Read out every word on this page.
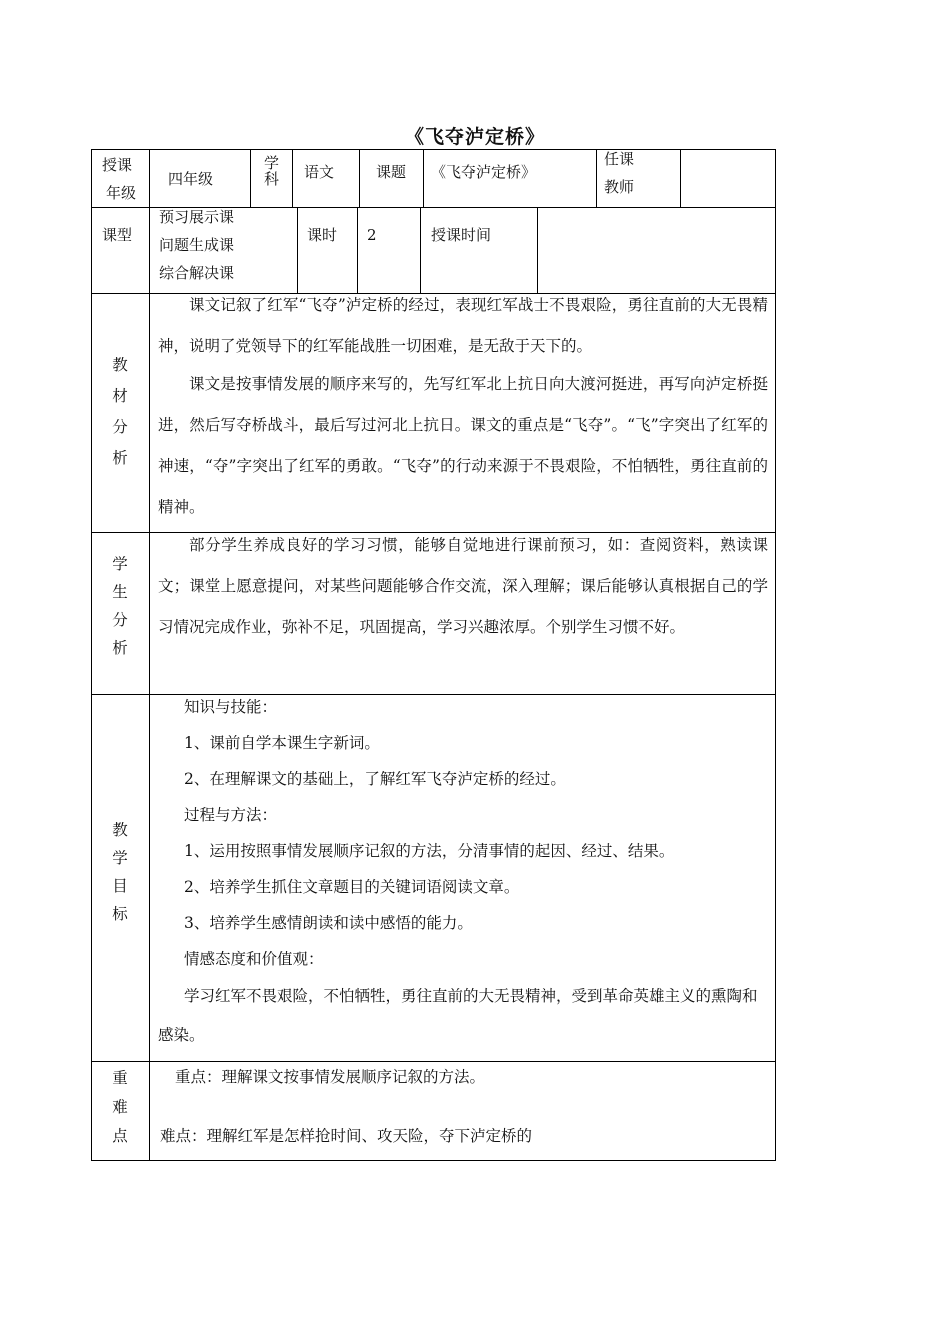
《飞夺泸定桥》
授课
年级
四年级
学
科 语文	课题 《飞夺泸定桥》
任课
教师
课型
预习展示课
问题生成课
综合解决课
课时 2	授课时间
教
材
分
析
课文记叙了红军“飞夺”泸定桥的经过，表现红军战士不畏艰险，勇往直前的大无畏精神，说明了党领导下的红军能战胜一切困难，是无敌于天下的。
课文是按事情发展的顺序来写的，先写红军北上抗日向大渡河挺进，再写向泸定桥挺进，然后写夺桥战斗，最后写过河北上抗日。课文的重点是“飞夺”。“飞”字突出了红军的神速，“夺”字突出了红军的勇敢。“飞夺”的行动来源于不畏艰险，不怕牺牲，勇往直前的精神。
学
生
分
析
部分学生养成良好的学习习惯，能够自觉地进行课前预习，如：查阅资料，熟读课文；课堂上愿意提问，对某些问题能够合作交流，深入理解；课后能够认真根据自己的学习情况完成作业，弥补不足，巩固提高，学习兴趣浓厚。个别学生习惯不好。
教
学
目
标
知识与技能：
1、课前自学本课生字新词。
2、在理解课文的基础上，了解红军飞夺泸定桥的经过。
过程与方法：
1、运用按照事情发展顺序记叙的方法，分清事情的起因、经过、结果。
2、培养学生抓住文章题目的关键词语阅读文章。
3、培养学生感情朗读和读中感悟的能力。
情感态度和价值观：
学习红军不畏艰险，不怕牺牲，勇往直前的大无畏精神，受到革命英雄主义的熏陶和感染。
重
难
点
重点：理解课文按事情发展顺序记叙的方法。
难点：理解红军是怎样抢时间、攻天险，夺下泸定桥的
